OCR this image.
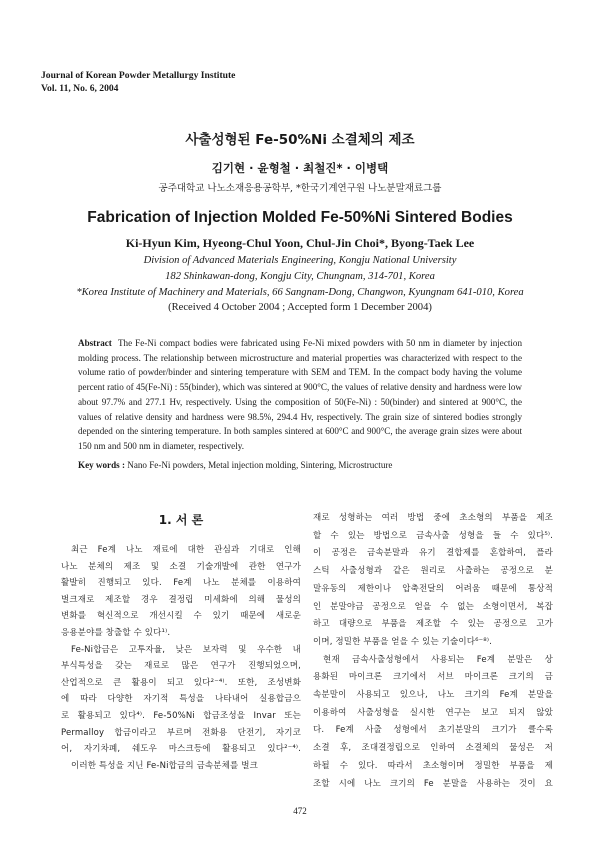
Journal of Korean Powder Metallurgy Institute
Vol. 11, No. 6, 2004
사출성형된 Fe-50%Ni 소결체의 제조
김기현 · 윤형철 · 최철진* · 이병택
공주대학교 나노소재응용공학부, *한국기계연구원 나노분말재료그룹
Fabrication of Injection Molded Fe-50%Ni Sintered Bodies
Ki-Hyun Kim, Hyeong-Chul Yoon, Chul-Jin Choi*, Byong-Taek Lee
Division of Advanced Materials Engineering, Kongju National University
182 Shinkawan-dong, Kongju City, Chungnam, 314-701, Korea
*Korea Institute of Machinery and Materials, 66 Sangnam-Dong, Changwon, Kyungnam 641-010, Korea
(Received 4 October 2004 ; Accepted form 1 December 2004)
Abstract The Fe-Ni compact bodies were fabricated using Fe-Ni mixed powders with 50 nm in diameter by injection molding process. The relationship between microstructure and material properties was characterized with respect to the volume ratio of powder/binder and sintering temperature with SEM and TEM. In the compact body having the volume percent ratio of 45(Fe-Ni) : 55(binder), which was sintered at 900°C, the values of relative density and hardness were low about 97.7% and 277.1 Hv, respectively. Using the composition of 50(Fe-Ni) : 50(binder) and sintered at 900°C, the values of relative density and hardness were 98.5%, 294.4 Hv, respectively. The grain size of sintered bodies strongly depended on the sintering temperature. In both samples sintered at 600°C and 900°C, the average grain sizes were about 150 nm and 500 nm in diameter, respectively.
Key words : Nano Fe-Ni powders, Metal injection molding, Sintering, Microstructure
1. 서 론
최근 Fe계 나노 재료에 대한 관심과 기대로 인해
나노 분체의 제조 및 소결 기술개발에 관한 연구가
활발히 진행되고 있다. Fe계 나노 분체를 이용하여
벌크재로 제조할 경우 결정립 미세화에 의해 물성의
변화를 혁신적으로 개선시킬 수 있기 때문에 새로운
응용분야를 창출할 수 있다¹⁾.
Fe-Ni합금은 고투자율, 낮은 보자력 및 우수한 내
부식특성을 갖는 재료로 많은 연구가 진행되었으며,
산업적으로 큰 활용이 되고 있다²⁻⁴⁾. 또한, 조성변화
에 따라 다양한 자기적 특성을 나타내어 실용합금으
로 활용되고 있다⁴⁾. Fe-50%Ni 합금조성을 Invar 또는
Permalloy 합금이라고 부르며 전화용 단전기, 자기코
어, 자기차폐, 쉐도우 마스크등에 활용되고 있다²⁻⁴⁾.
이러한 특성을 지닌 Fe-Ni합금의 금속분체를 벌크
재로 성형하는 여러 방법 중에 초소형의 부품을 제조
할 수 있는 방법으로 금속사출 성형을 들 수 있다⁵⁾.
이 공정은 금속분말과 유기 결합제를 혼합하여, 플라
스틱 사출성형과 같은 원리로 사출하는 공정으로 분
말유동의 제한이나 압축전달의 어려움 때문에 통상적
인 분말야금 공정으로 얻을 수 없는 소형이면서, 복잡
하고 대량으로 부품을 제조할 수 있는 공정으로 고가
이며, 정밀한 부품을 얻을 수 있는 기술이다⁶⁻⁸⁾.
현재 금속사출성형에서 사용되는 Fe계 분말은 상
용화된 마이크론 크기에서 서브 마이크론 크기의 금
속분말이 사용되고 있으나, 나노 크기의 Fe계 분말을
이용하여 사출성형을 실시한 연구는 보고 되지 않았
다. Fe계 사출 성형에서 초기분말의 크기가 클수록
소결 후, 조대결정립으로 인하여 소결체의 물성은 저
하될 수 있다. 따라서 초소형이며 정밀한 부품을 제
조할 시에 나노 크기의 Fe 분말을 사용하는 것이 요
472
